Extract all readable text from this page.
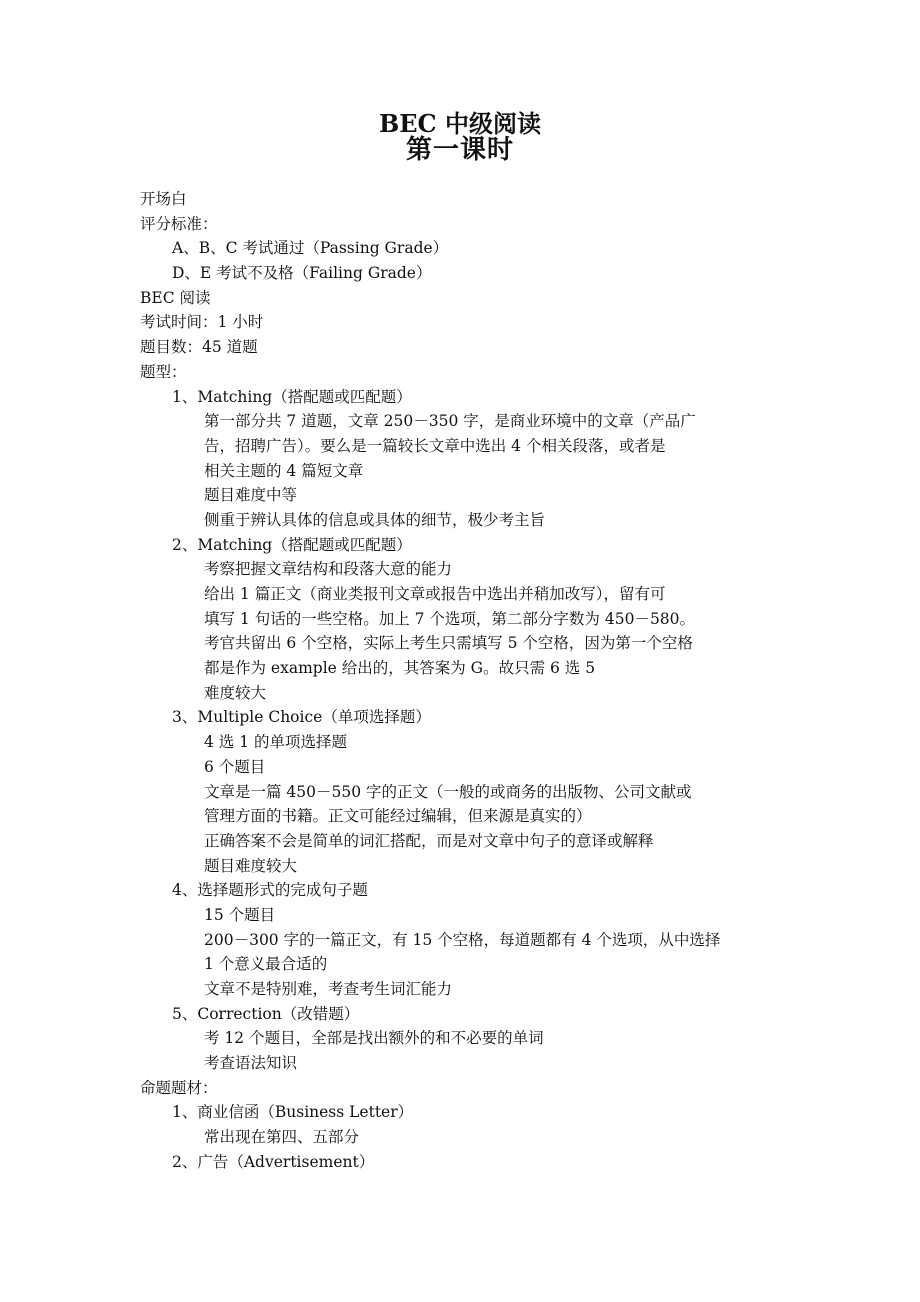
BEC 中级阅读
第一课时
开场白
评分标准：
A、B、C 考试通过（Passing Grade）
D、E 考试不及格（Failing Grade）
BEC 阅读
考试时间：1 小时
题目数：45 道题
题型：
1、Matching（搭配题或匹配题）
第一部分共 7 道题，文章 250－350 字，是商业环境中的文章（产品广
告，招聘广告）。要么是一篇较长文章中选出 4 个相关段落，或者是
相关主题的 4 篇短文章
题目难度中等
侧重于辨认具体的信息或具体的细节，极少考主旨
2、Matching（搭配题或匹配题）
考察把握文章结构和段落大意的能力
给出 1 篇正文（商业类报刊文章或报告中选出并稍加改写），留有可
填写 1 句话的一些空格。加上 7 个选项，第二部分字数为 450－580。
考官共留出 6 个空格，实际上考生只需填写 5 个空格，因为第一个空格
都是作为 example 给出的，其答案为 G。故只需 6 选 5
难度较大
3、Multiple Choice（单项选择题）
4 选 1 的单项选择题
6 个题目
文章是一篇 450－550 字的正文（一般的或商务的出版物、公司文献或
管理方面的书籍。正文可能经过编辑，但来源是真实的）
正确答案不会是简单的词汇搭配，而是对文章中句子的意译或解释
题目难度较大
4、选择题形式的完成句子题
15 个题目
200－300 字的一篇正文，有 15 个空格，每道题都有 4 个选项，从中选择
1 个意义最合适的
文章不是特别难，考查考生词汇能力
5、Correction（改错题）
考 12 个题目，全部是找出额外的和不必要的单词
考查语法知识
命题题材：
1、商业信函（Business Letter）
常出现在第四、五部分
2、广告（Advertisement）
